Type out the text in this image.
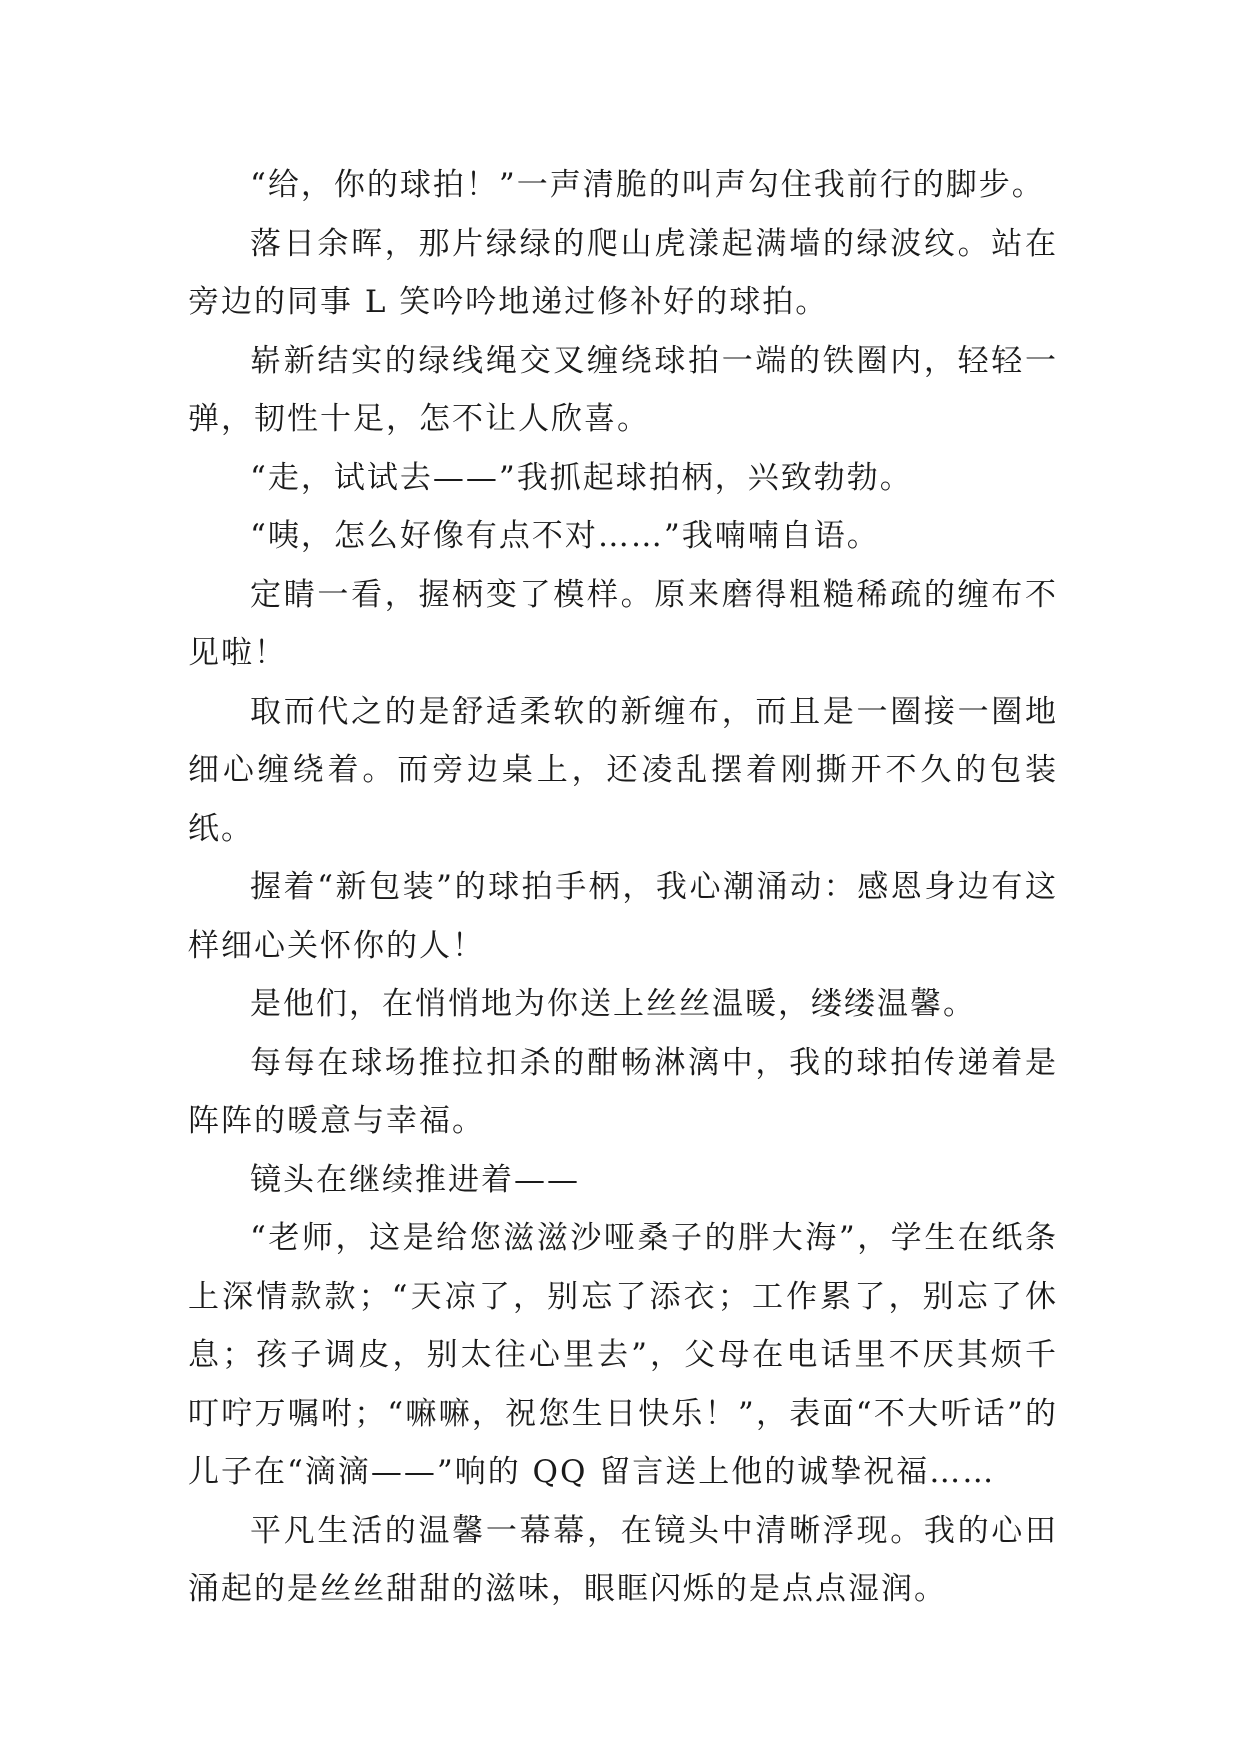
“给，你的球拍！”一声清脆的叫声勾住我前行的脚步。

落日余晖，那片绿绿的爬山虎漾起满墙的绿波纹。站在旁边的同事 L 笑吟吟地递过修补好的球拍。

崭新结实的绿线绳交叉缠绕球拍一端的铁圈内，轻轻一弹，韧性十足，怎不让人欣喜。

“走，试试去——”我抓起球拍柄，兴致勃勃。

“咦，怎么好像有点不对……”我喃喃自语。

定睛一看，握柄变了模样。原来磨得粗糙稀疏的缠布不见啦！

取而代之的是舒适柔软的新缠布，而且是一圈接一圈地细心缠绕着。而旁边桌上，还凌乱摆着刚撕开不久的包装纸。

握着“新包装”的球拍手柄，我心潮涌动：感恩身边有这样细心关怀你的人！

是他们，在悄悄地为你送上丝丝温暖，缕缕温馨。

每每在球场推拉扣杀的酣畅淋漓中，我的球拍传递着是阵阵的暖意与幸福。

镜头在继续推进着——

“老师，这是给您滋滋沙哑桑子的胖大海”，学生在纸条上深情款款；“天凉了，别忘了添衣；工作累了，别忘了休息；孩子调皮，别太往心里去”，父母在电话里不厌其烦千叮咛万嘱咐；“嘛嘛，祝您生日快乐！”，表面“不大听话”的儿子在“滴滴——”响的 QQ 留言送上他的诚挚祝福……

平凡生活的温馨一幕幕，在镜头中清晰浮现。我的心田涌起的是丝丝甜甜的滋味，眼眶闪烁的是点点湿润。
